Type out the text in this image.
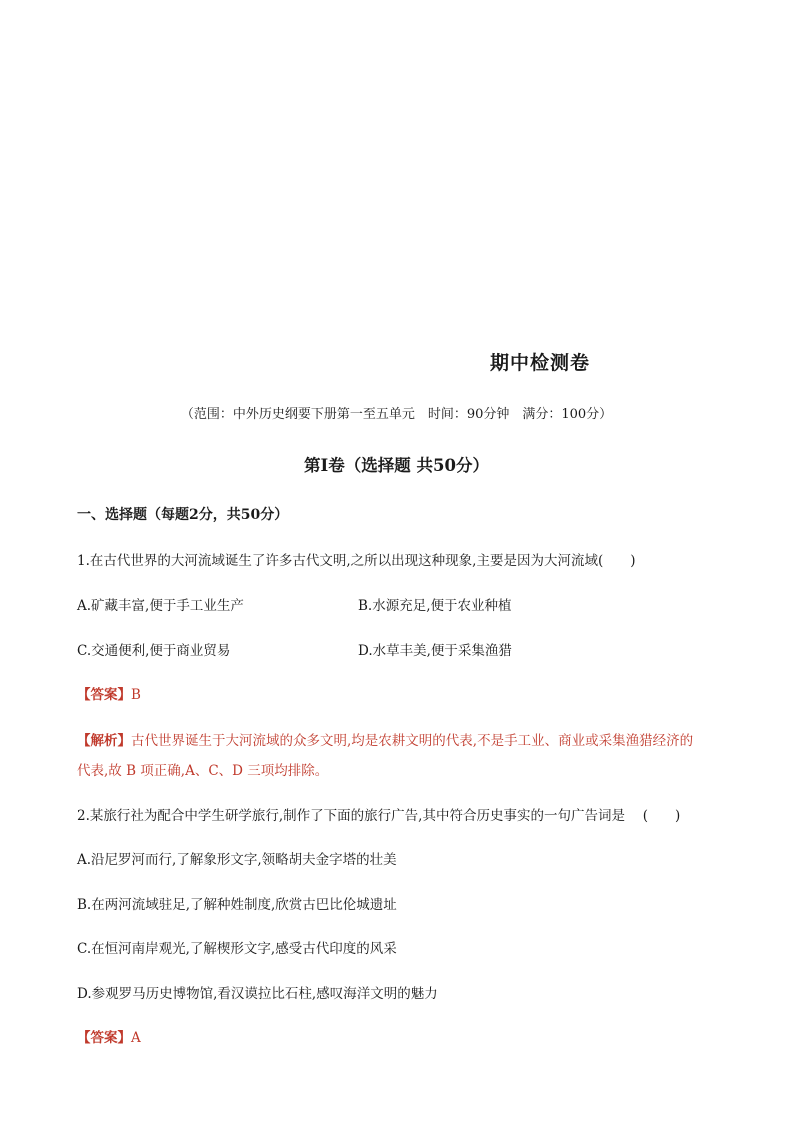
期中检测卷
（范围：中外历史纲要下册第一至五单元　时间：90分钟　满分：100分）
第I卷（选择题 共50分）
一、选择题（每题2分，共50分）
1.在古代世界的大河流域诞生了许多古代文明,之所以出现这种现象,主要是因为大河流域(　　)
A.矿藏丰富,便于手工业生产	B.水源充足,便于农业种植
C.交通便利,便于商业贸易	D.水草丰美,便于采集渔猎
【答案】B
【解析】古代世界诞生于大河流域的众多文明,均是农耕文明的代表,不是手工业、商业或采集渔猎经济的
代表,故 B 项正确,A、C、D 三项均排除。
2.某旅行社为配合中学生研学旅行,制作了下面的旅行广告,其中符合历史事实的一句广告词是　 (　　)
A.沿尼罗河而行,了解象形文字,领略胡夫金字塔的壮美
B.在两河流域驻足,了解种姓制度,欣赏古巴比伦城遗址
C.在恒河南岸观光,了解楔形文字,感受古代印度的风采
D.参观罗马历史博物馆,看汉谟拉比石柱,感叹海洋文明的魅力
【答案】A
